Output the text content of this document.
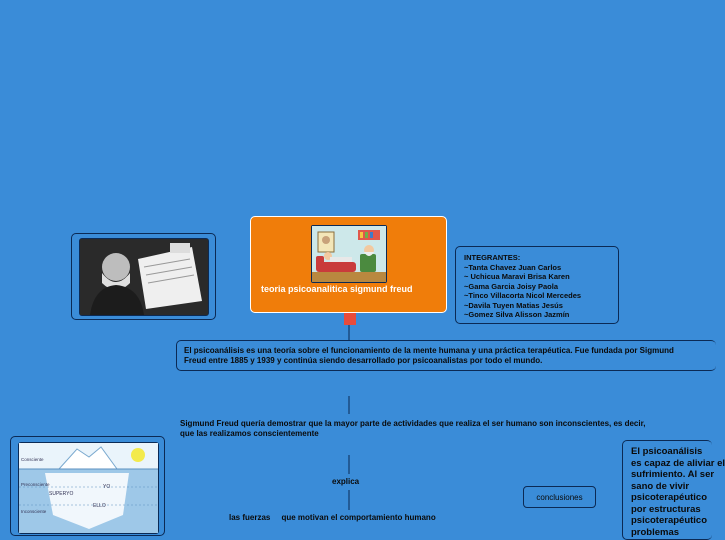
teoria psicoanalitica sigmund freud
INTEGRANTES:
~Tanta Chavez Juan Carlos
~ Uchicua Maravi Brisa Karen
~Gama Garcia Joisy Paola
~Tinco Villacorta Nicol Mercedes
~Davila Tuyen Matias Jesús
~Gomez Silva Alisson Jazmín
El psicoanálisis es una teoría sobre el funcionamiento de la mente humana y una práctica terapéutica. Fue fundada por Sigmund
Freud entre 1885 y 1939 y continúa siendo desarrollado por psicoanalistas por todo el mundo.
Sigmund Freud quería demostrar que la mayor parte de actividades que realiza el ser humano son inconscientes, es decir,
que las realizamos conscientemente
explica
las fuerzas     que motivan el comportamiento humano
Consciente
Preconsciente
SUPERYO
YO
ELLO
Inconsciente
conclusiones
El psicoanálisis
es capaz de aliviar el
sufrimiento. Al ser
sano de vivir
psicoterapéutico
por estructuras
psicoterapéutico
problemas
